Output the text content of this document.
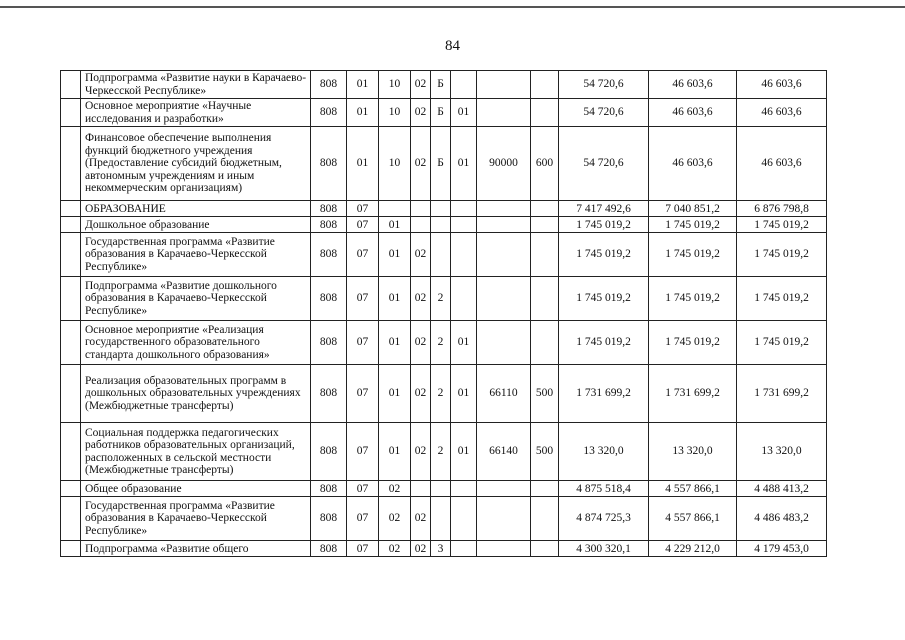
84
	Подпрограмма «Развитие науки в Карачаево-Черкесской Республике»	808	01	10	02	Б				54 720,6	46 603,6	46 603,6
	Основное мероприятие «Научные исследования и разработки»	808	01	10	02	Б	01			54 720,6	46 603,6	46 603,6
	Финансовое обеспечение выполнения функций бюджетного учреждения (Предоставление субсидий бюджетным, автономным учреждениям и иным некоммерческим организациям)	808	01	10	02	Б	01	90000	600	54 720,6	46 603,6	46 603,6
	ОБРАЗОВАНИЕ	808	07							7 417 492,6	7 040 851,2	6 876 798,8
	Дошкольное образование	808	07	01						1 745 019,2	1 745 019,2	1 745 019,2
	Государственная программа «Развитие образования в Карачаево-Черкесской Республике»	808	07	01	02					1 745 019,2	1 745 019,2	1 745 019,2
	Подпрограмма «Развитие дошкольного образования в Карачаево-Черкесской Республике»	808	07	01	02	2				1 745 019,2	1 745 019,2	1 745 019,2
	Основное мероприятие «Реализация государственного образовательного стандарта дошкольного образования»	808	07	01	02	2	01			1 745 019,2	1 745 019,2	1 745 019,2
	Реализация образовательных программ в дошкольных образовательных учреждениях (Межбюджетные трансферты)	808	07	01	02	2	01	66110	500	1 731 699,2	1 731 699,2	1 731 699,2
	Социальная поддержка педагогических работников образовательных организаций, расположенных в сельской местности (Межбюджетные трансферты)	808	07	01	02	2	01	66140	500	13 320,0	13 320,0	13 320,0
	Общее образование	808	07	02						4 875 518,4	4 557 866,1	4 488 413,2
	Государственная программа «Развитие образования в Карачаево-Черкесской Республике»	808	07	02	02					4 874 725,3	4 557 866,1	4 486 483,2
	Подпрограмма «Развитие общего	808	07	02	02	3				4 300 320,1	4 229 212,0	4 179 453,0
